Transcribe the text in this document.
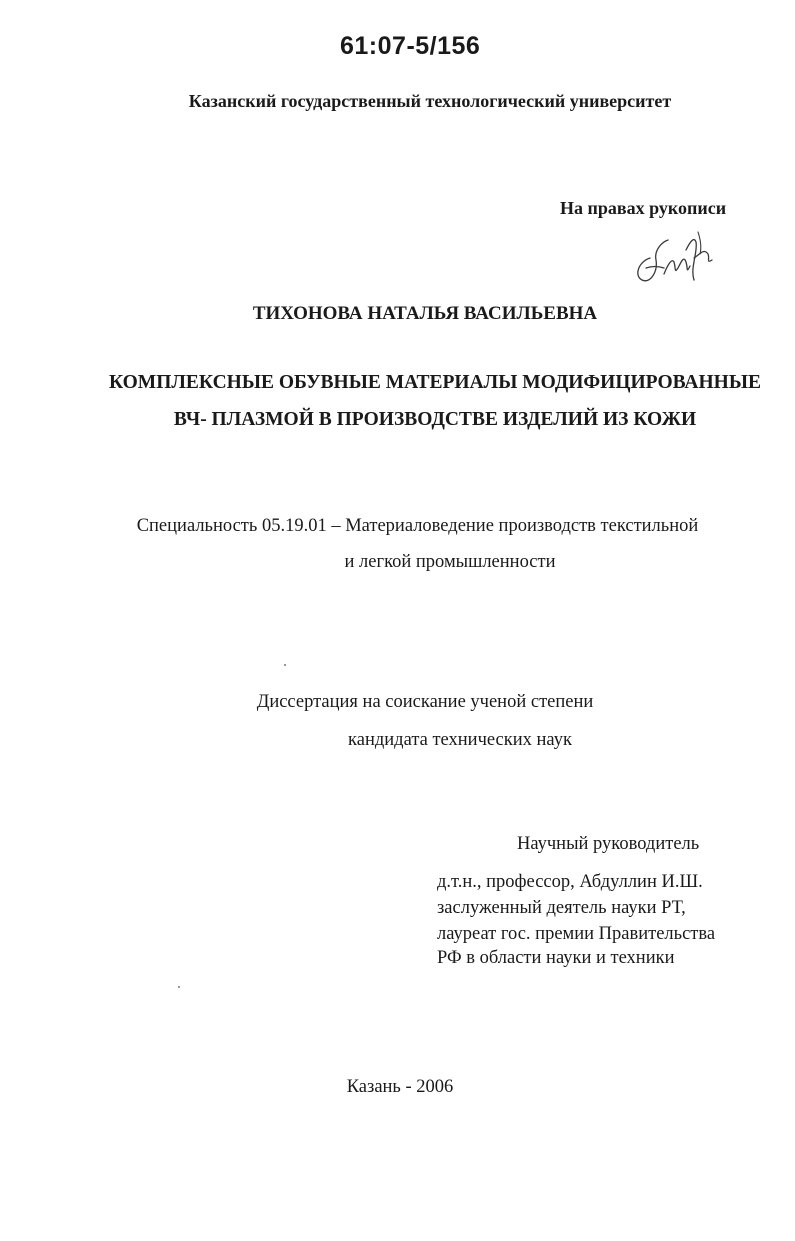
61:07-5/156
Казанский государственный технологический университет
На правах рукописи
ТИХОНОВА НАТАЛЬЯ ВАСИЛЬЕВНА
КОМПЛЕКСНЫЕ ОБУВНЫЕ МАТЕРИАЛЫ МОДИФИЦИРОВАННЫЕ
ВЧ- ПЛАЗМОЙ В ПРОИЗВОДСТВЕ ИЗДЕЛИЙ ИЗ КОЖИ
Специальность 05.19.01 – Материаловедение производств текстильной
и легкой промышленности
Диссертация на соискание ученой степени
кандидата технических наук
Научный руководитель
д.т.н., профессор, Абдуллин И.Ш.
заслуженный деятель науки РТ,
лауреат гос. премии Правительства
РФ в области науки и техники
Казань - 2006
